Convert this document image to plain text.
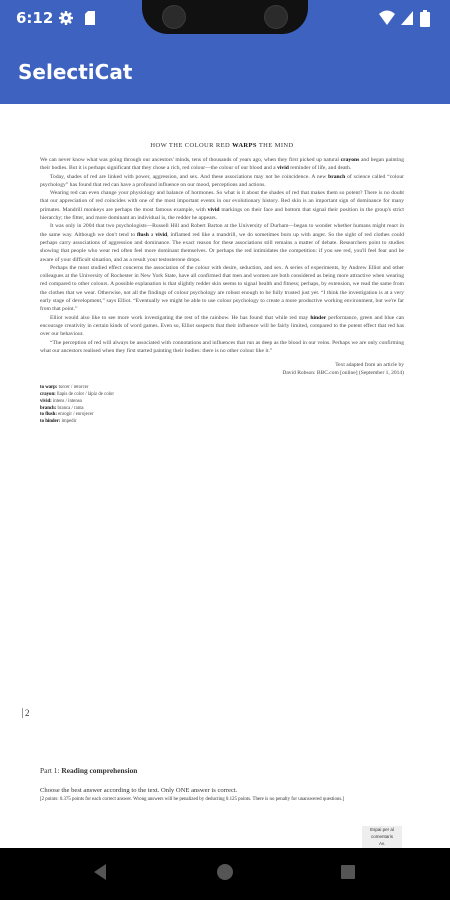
6:12
SelectiCat
HOW THE COLOUR RED WARPS THE MIND

We can never know what was going through our ancestors' minds, tens of thousands of years ago, when they first picked up natural crayons and began painting their bodies. But it is perhaps significant that they chose a rich, red colour—the colour of our blood and a vivid reminder of life, and death.

Today, shades of red are linked with power, aggression, and sex. And these associations may not be coincidence. A new branch of science called “colour psychology” has found that red can have a profound influence on our mood, perceptions and actions.

Wearing red can even change your physiology and balance of hormones. So what is it about the shades of red that makes them so potent? There is no doubt that our appreciation of red coincides with one of the most important events in our evolutionary history. Red skin is an important sign of dominance for many primates. Mandrill monkeys are perhaps the most famous example, with vivid markings on their face and bottom that signal their position in the group's strict hierarchy; the fitter, and more dominant an individual is, the redder he appears.

It was only in 2004 that two psychologists—Russell Hill and Robert Barton at the University of Durham—began to wonder whether humans might react in the same way. Although we don't tend to flush a vivid, inflamed red like a mandrill, we do sometimes burn up with anger. So the sight of red clothes could perhaps carry associations of aggression and dominance. The exact reason for these associations still remains a matter of debate. Researchers point to studies showing that people who wear red often feel more dominant themselves. Or perhaps the red intimidates the competition: if you see red, you'll feel fear and be aware of your difficult situation, and as a result your testosterone drops.

Perhaps the most studied effect concerns the association of the colour with desire, seduction, and sex. A series of experiments, by Andrew Elliot and other colleagues at the University of Rochester in New York State, have all confirmed that men and women are both considered as being more attractive when wearing red compared to other colours. A possible explanation is that slightly redder skin seems to signal health and fitness; perhaps, by extension, we read the same from the clothes that we wear. Otherwise, not all the findings of colour psychology are robust enough to be fully trusted just yet. “I think the investigation is at a very early stage of development,” says Elliot. “Eventually we might be able to use colour psychology to create a more productive working environment, but we're far from that point.”

Elliot would also like to see more work investigating the rest of the rainbow. He has found that while red may hinder performance, green and blue can encourage creativity in certain kinds of word games. Even so, Elliot suspects that their influence will be fairly limited, compared to the potent effect that red has over our behaviour.

“The perception of red will always be associated with connotations and influences that run as deep as the blood in our veins. Perhaps we are only confirming what our ancestors realised when they first started painting their bodies: there is no other colour like it.”

Text adapted from an article by
David Robson: BBC.com [online] (September 1, 2014)
to warp: torcer / retorcer
crayon: llapis de color / lápiz de color
vivid: intens / intenso
branch: branca / rama
to flush: enrogir / enrojecer
to hinder: impedir
2
Part 1: Reading comprehension
Choose the best answer according to the text. Only ONE answer is correct.
[2 points: 0.375 points for each correct answer. Wrong answers will be penalized by deducting 0.125 points. There is no penalty for unanswered questions.]
Espai per al comentaris
Av.
